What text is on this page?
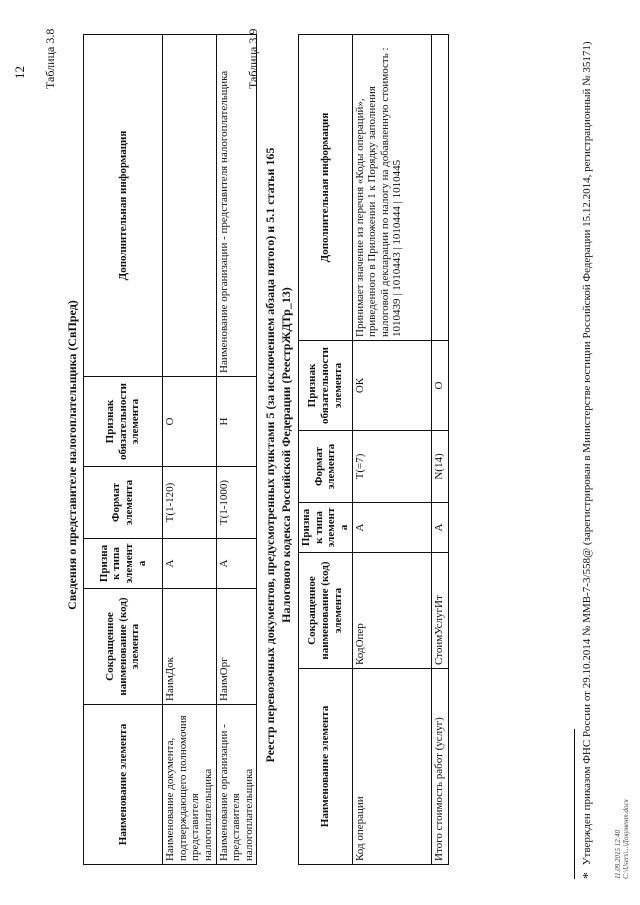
12 Таблица 3.8
Сведения о представителе налогоплательщика (СвПред)
Наименование элемента	Сокращенное наименование (код) элемента	Признак типа элемента	Формат элемента	Признак обязательности элемента	Дополнительная информация
Наименование документа, подтверждающего полномочия представителя налогоплательщика	НаимДок	А	Т(1-120)	О	
Наименование организации - представителя налогоплательщика	НаимОрг	А	Т(1-1000)	Н	Наименование организации - представителя налогоплательщика
Таблица 3.9
Реестр перевозочных документов, предусмотренных пунктами 5 (за исключением абзаца пятого) и 5.1 статьи 165 Налогового кодекса Российской Федерации (РеестрЖДТр_13)
Наименование элемента	Сокращенное наименование (код) элемента	Признак типа элемента	Формат элемента	Признак обязательности элемента	Дополнительная информация
Код операции	КодОпер	А	Т(=7)	ОК	Принимает значение из перечня «Коды операций», приведенного в Приложении 1 к Порядку заполнения налоговой декларации по налогу на добавленную стоимость : 1010439 | 1010443 | 1010444 | 1010445
Итого стоимость работ (услуг)	СтоимУслугИт	А	N(14)	О	
* Утвержден приказом ФНС России от 29.10.2014 № ММВ-7-3/558@ (зарегистрирован в Министерстве юстиции Российской Федерации 15.12.2014, регистрационный № 35171)	11.09.2015 12:40 C:\Users\...\Документ.docx
